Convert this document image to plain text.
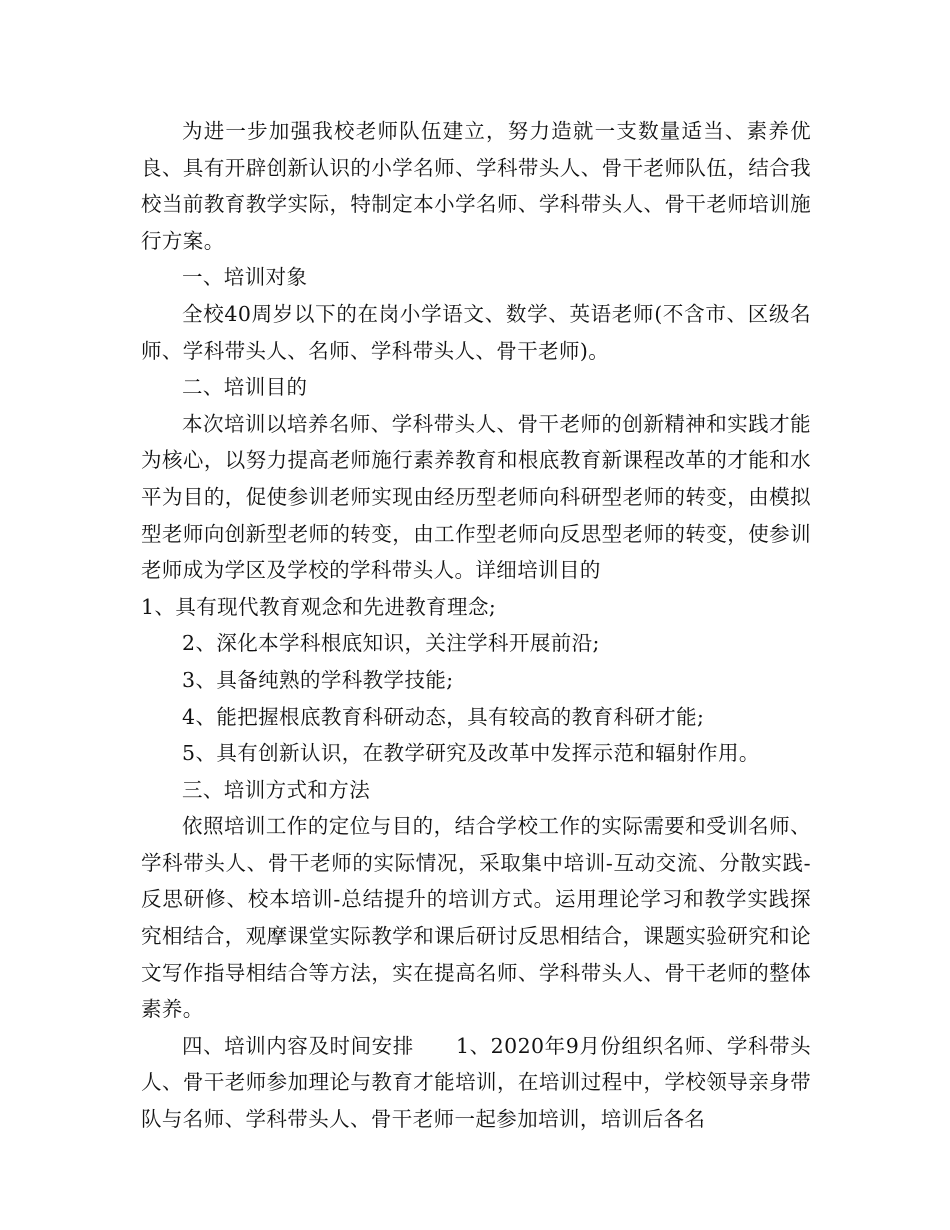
为进一步加强我校老师队伍建立，努力造就一支数量适当、素养优良、具有开辟创新认识的小学名师、学科带头人、骨干老师队伍，结合我校当前教育教学实际，特制定本小学名师、学科带头人、骨干老师培训施行方案。

一、培训对象

全校40周岁以下的在岗小学语文、数学、英语老师(不含市、区级名师、学科带头人、名师、学科带头人、骨干老师)。

二、培训目的

本次培训以培养名师、学科带头人、骨干老师的创新精神和实践才能为核心，以努力提高老师施行素养教育和根底教育新课程改革的才能和水平为目的，促使参训老师实现由经历型老师向科研型老师的转变，由模拟型老师向创新型老师的转变，由工作型老师向反思型老师的转变，使参训老师成为学区及学校的学科带头人。详细培训目的

1、具有现代教育观念和先进教育理念;

2、深化本学科根底知识，关注学科开展前沿;

3、具备纯熟的学科教学技能;

4、能把握根底教育科研动态，具有较高的教育科研才能;

5、具有创新认识，在教学研究及改革中发挥示范和辐射作用。

三、培训方式和方法

依照培训工作的定位与目的，结合学校工作的实际需要和受训名师、学科带头人、骨干老师的实际情况，采取集中培训-互动交流、分散实践-反思研修、校本培训-总结提升的培训方式。运用理论学习和教学实践探究相结合，观摩课堂实际教学和课后研讨反思相结合，课题实验研究和论文写作指导相结合等方法，实在提高名师、学科带头人、骨干老师的整体素养。

四、培训内容及时间安排　　1、2020年9月份组织名师、学科带头人、骨干老师参加理论与教育才能培训，在培训过程中，学校领导亲身带队与名师、学科带头人、骨干老师一起参加培训，培训后各名
